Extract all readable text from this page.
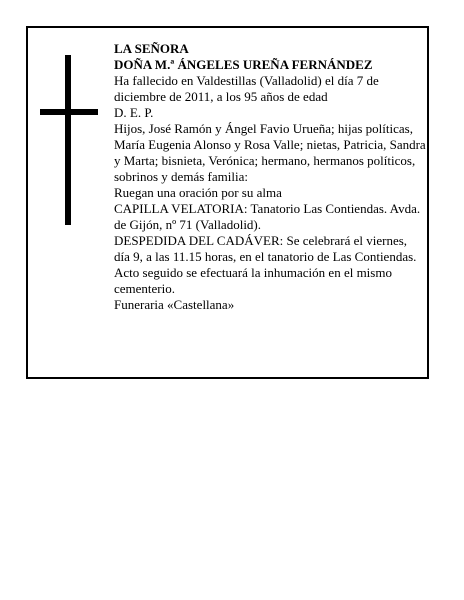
LA SEÑORA

DOÑA M.ª ÁNGELES UREÑA FERNÁNDEZ

Ha fallecido en Valdestillas (Valladolid) el día 7 de diciembre de 2011, a los 95 años de edad

D. E. P.

Hijos, José Ramón y Ángel Favio Urueña; hijas políticas, María Eugenia Alonso y Rosa Valle; nietas, Patricia, Sandra y Marta; bisnieta, Verónica; hermano, hermanos políticos, sobrinos y demás familia:

Ruegan una oración por su alma

CAPILLA VELATORIA: Tanatorio Las Contiendas. Avda. de Gijón, nº 71 (Valladolid).

DESPEDIDA DEL CADÁVER: Se celebrará el viernes, día 9, a las 11.15 horas, en el tanatorio de Las Contiendas. Acto seguido se efectuará la inhumación en el mismo cementerio.

Funeraria «Castellana»
